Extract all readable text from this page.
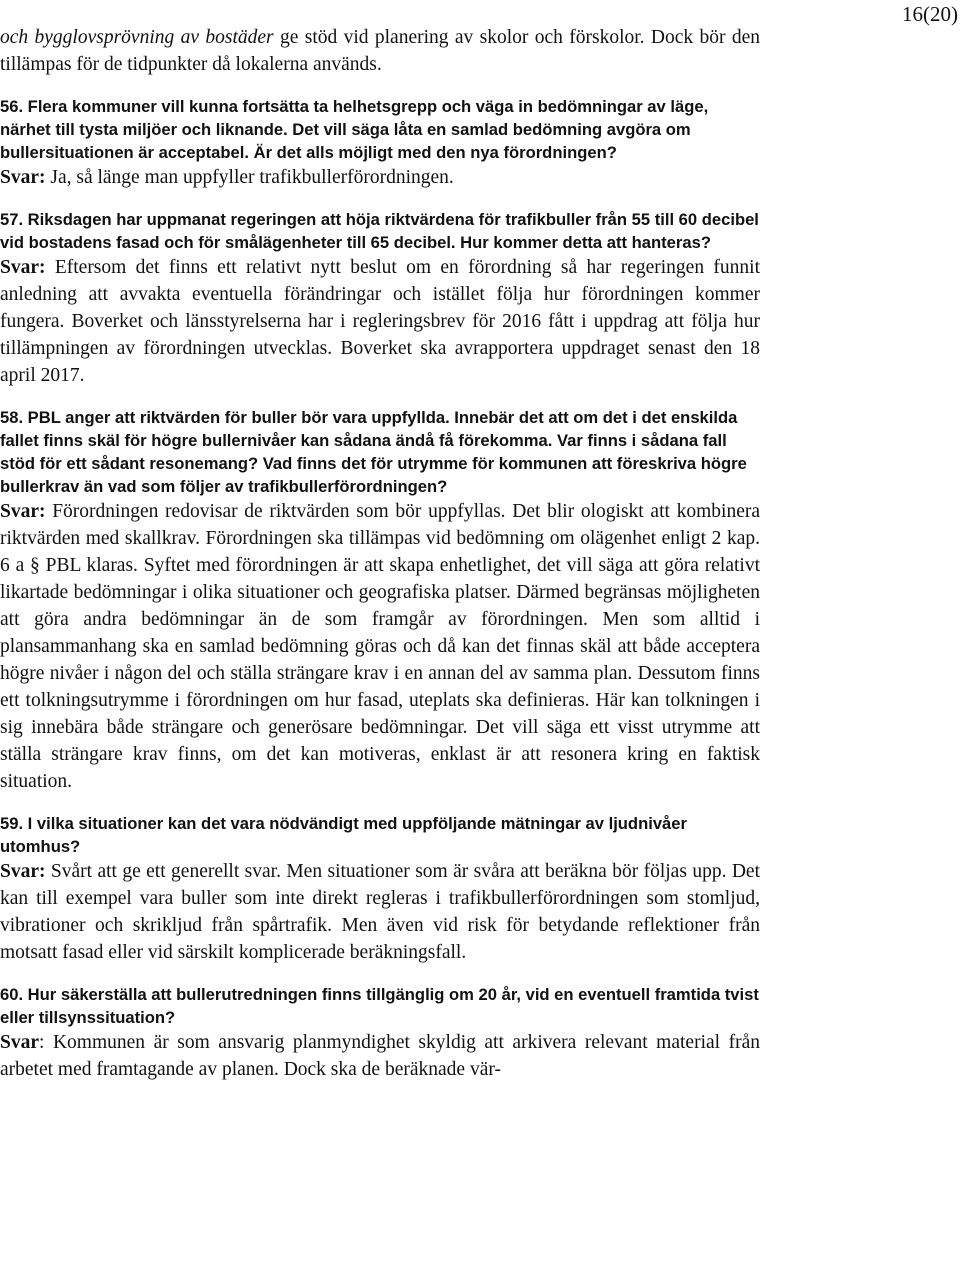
16(20)

och bygglovsprövning av bostäder ge stöd vid planering av skolor och förskolor. Dock bör den tillämpas för de tidpunkter då lokalerna används.

56. Flera kommuner vill kunna fortsätta ta helhetsgrepp och väga in bedömningar av läge, närhet till tysta miljöer och liknande. Det vill säga låta en samlad bedömning avgöra om bullersituationen är acceptabel. Är det alls möjligt med den nya förordningen?

Svar: Ja, så länge man uppfyller trafikbullerförordningen.

57. Riksdagen har uppmanat regeringen att höja riktvärdena för trafikbuller från 55 till 60 decibel vid bostadens fasad och för smålägenheter till 65 decibel. Hur kommer detta att hanteras?

Svar: Eftersom det finns ett relativt nytt beslut om en förordning så har regeringen funnit anledning att avvakta eventuella förändringar och istället följa hur förordningen kommer fungera. Boverket och länsstyrelserna har i regleringsbrev för 2016 fått i uppdrag att följa hur tillämpningen av förordningen utvecklas. Boverket ska avrapportera uppdraget senast den 18 april 2017.

58. PBL anger att riktvärden för buller bör vara uppfyllda. Innebär det att om det i det enskilda fallet finns skäl för högre bullernivåer kan sådana ändå få förekomma. Var finns i sådana fall stöd för ett sådant resonemang? Vad finns det för utrymme för kommunen att föreskriva högre bullerkrav än vad som följer av trafikbullerförordningen?

Svar: Förordningen redovisar de riktvärden som bör uppfyllas. Det blir ologiskt att kombinera riktvärden med skallkrav. Förordningen ska tillämpas vid bedömning om olägenhet enligt 2 kap. 6 a § PBL klaras. Syftet med förordningen är att skapa enhetlighet, det vill säga att göra relativt likartade bedömningar i olika situationer och geografiska platser. Därmed begränsas möjligheten att göra andra bedömningar än de som framgår av förordningen. Men som alltid i plansammanhang ska en samlad bedömning göras och då kan det finnas skäl att både acceptera högre nivåer i någon del och ställa strängare krav i en annan del av samma plan. Dessutom finns ett tolkningsutrymme i förordningen om hur fasad, uteplats ska definieras. Här kan tolkningen i sig innebära både strängare och generösare bedömningar. Det vill säga ett visst utrymme att ställa strängare krav finns, om det kan motiveras, enklast är att resonera kring en faktisk situation.

59. I vilka situationer kan det vara nödvändigt med uppföljande mätningar av ljudnivåer utomhus?

Svar: Svårt att ge ett generellt svar. Men situationer som är svåra att beräkna bör följas upp. Det kan till exempel vara buller som inte direkt regleras i trafikbullerförordningen som stomljud, vibrationer och skrikljud från spårtrafik. Men även vid risk för betydande reflektioner från motsatt fasad eller vid särskilt komplicerade beräkningsfall.

60. Hur säkerställa att bullerutredningen finns tillgänglig om 20 år, vid en eventuell framtida tvist eller tillsynssituation?

Svar: Kommunen är som ansvarig planmyndighet skyldig att arkivera relevant material från arbetet med framtagande av planen. Dock ska de beräknade vär-
